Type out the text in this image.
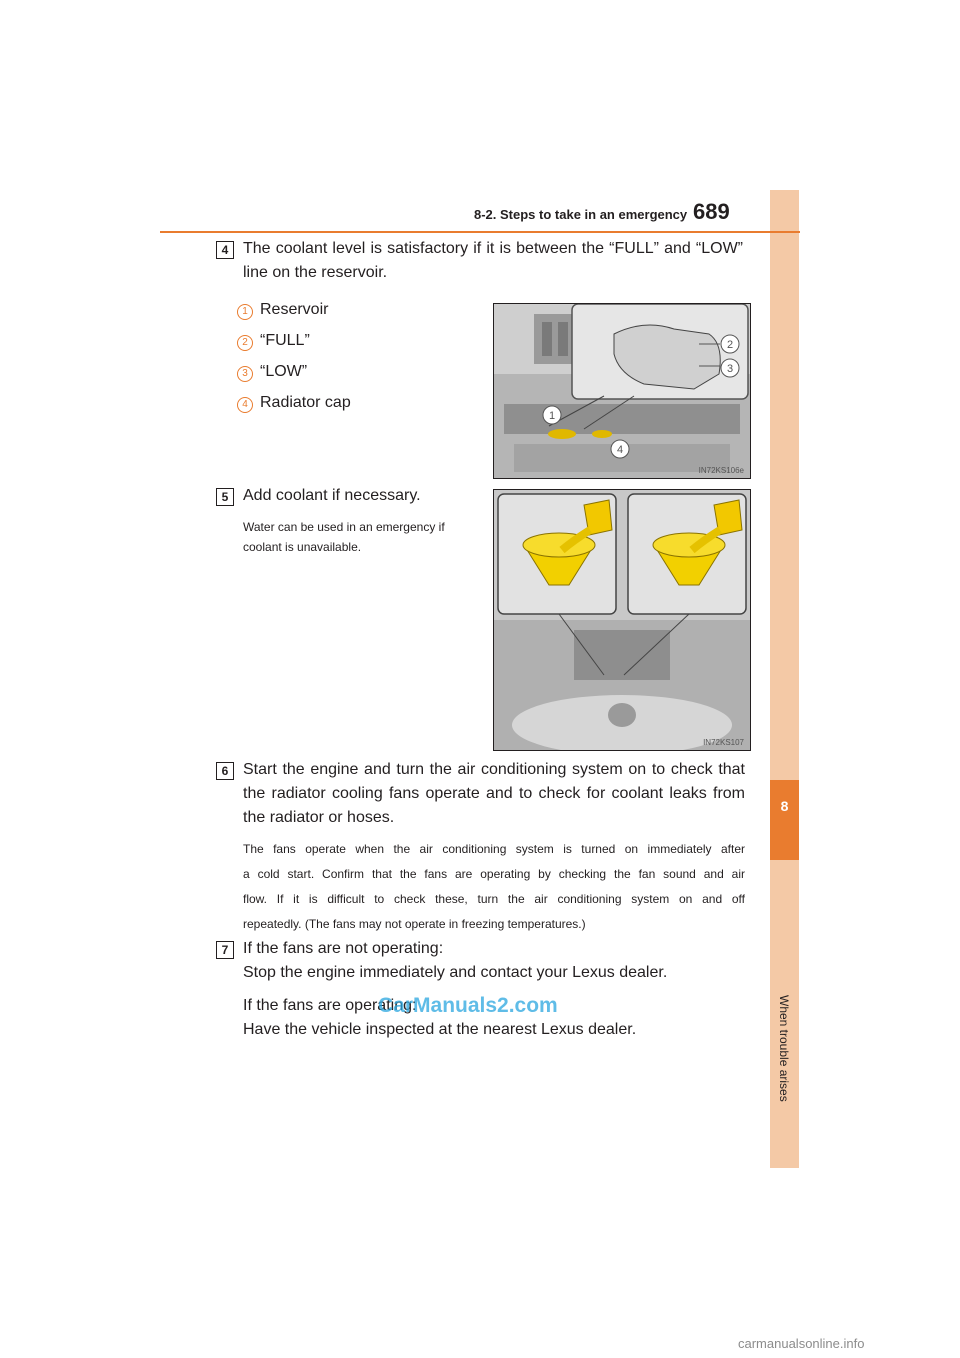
8
When trouble arises
8-2. Steps to take in an emergency 689
4 The coolant level is satisfactory if it is between the “FULL” and “LOW”
line on the reservoir.
1 Reservoir
2 “FULL”
3 “LOW”
4 Radiator cap
2
3
1
4
IN72KS106e
5 Add coolant if necessary.
Water can be used in an emergency if
coolant is unavailable.
IN72KS107
6 Start the engine and turn the air conditioning system on to check that
the radiator cooling fans operate and to check for coolant leaks from
the radiator or hoses.
The fans operate when the air conditioning system is turned on immediately after
a cold start. Confirm that the fans are operating by checking the fan sound and air
flow. If it is difficult to check these, turn the air conditioning system on and off
repeatedly. (The fans may not operate in freezing temperatures.)
7 If the fans are not operating:
Stop the engine immediately and contact your Lexus dealer.
If the fans are operating:
Have the vehicle inspected at the nearest Lexus dealer.
CarManuals2.com
carmanualsonline.info
